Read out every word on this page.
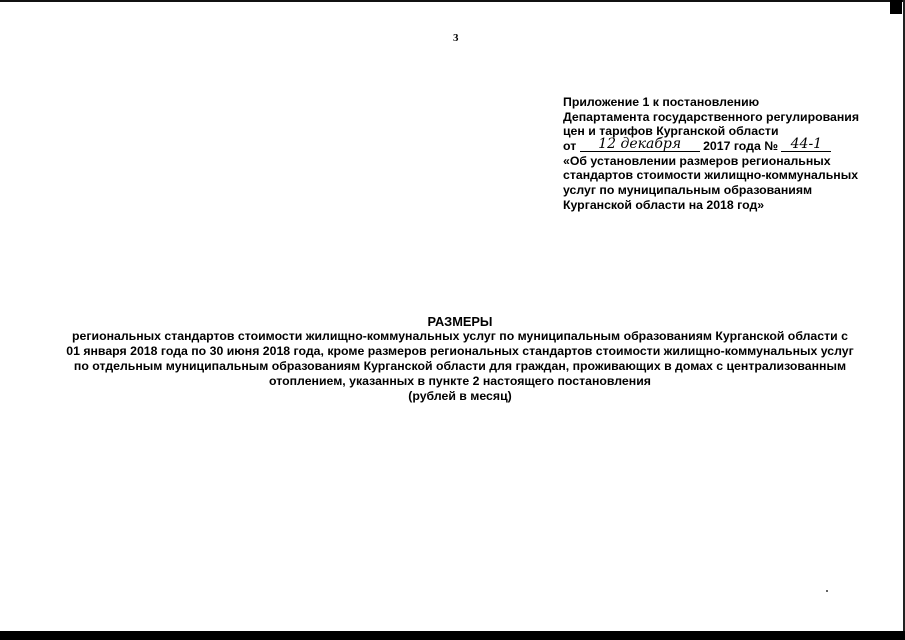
3
Приложение 1 к постановлению
Департамента государственного регулирования
цен и тарифов Курганской области
от 12 декабря 2017 года № 44-1
«Об установлении размеров региональных
стандартов стоимости жилищно-коммунальных
услуг по муниципальным образованиям
Курганской области на 2018 год»
РАЗМЕРЫ
региональных стандартов стоимости жилищно-коммунальных услуг по муниципальным образованиям Курганской области с
01 января 2018 года по 30 июня 2018 года, кроме размеров региональных стандартов стоимости жилищно-коммунальных услуг
по отдельным муниципальным образованиям Курганской области для граждан, проживающих в домах с централизованным
отоплением, указанных в пункте 2 настоящего постановления
(рублей в месяц)
